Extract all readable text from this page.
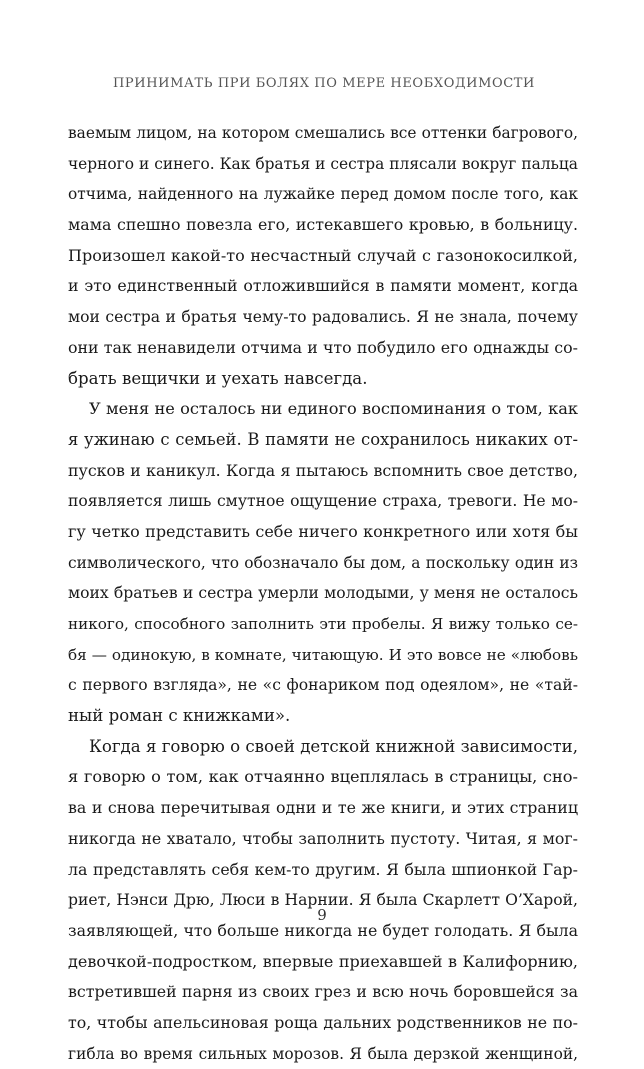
ПРИНИМАТЬ ПРИ БОЛЯХ ПО МЕРЕ НЕОБХОДИМОСТИ
ваемым лицом, на котором смешались все оттенки багрового,
черного и синего. Как братья и сестра плясали вокруг пальца
отчима, найденного на лужайке перед домом после того, как
мама спешно повезла его, истекавшего кровью, в больницу.
Произошел какой-то несчастный случай с газонокосилкой,
и это единственный отложившийся в памяти момент, когда
мои сестра и братья чему-то радовались. Я не знала, почему
они так ненавидели отчима и что побудило его однажды со-
брать вещички и уехать навсегда.
У меня не осталось ни единого воспоминания о том, как
я ужинаю с семьей. В памяти не сохранилось никаких от-
пусков и каникул. Когда я пытаюсь вспомнить свое детство,
появляется лишь смутное ощущение страха, тревоги. Не мо-
гу четко представить себе ничего конкретного или хотя бы
символического, что обозначало бы дом, а поскольку один из
моих братьев и сестра умерли молодыми, у меня не осталось
никого, способного заполнить эти пробелы. Я вижу только се-
бя — одинокую, в комнате, читающую. И это вовсе не «любовь
с первого взгляда», не «с фонариком под одеялом», не «тай-
ный роман с книжками».
Когда я говорю о своей детской книжной зависимости,
я говорю о том, как отчаянно вцеплялась в страницы, сно-
ва и снова перечитывая одни и те же книги, и этих страниц
никогда не хватало, чтобы заполнить пустоту. Читая, я мог-
ла представлять себя кем-то другим. Я была шпионкой Гар-
риет, Нэнси Дрю, Люси в Нарнии. Я была Скарлетт О’Харой,
заявляющей, что больше никогда не будет голодать. Я была
девочкой-подростком, впервые приехавшей в Калифорнию,
встретившей парня из своих грез и всю ночь боровшейся за
то, чтобы апельсиновая роща дальних родственников не по-
гибла во время сильных морозов. Я была дерзкой женщиной,
9
